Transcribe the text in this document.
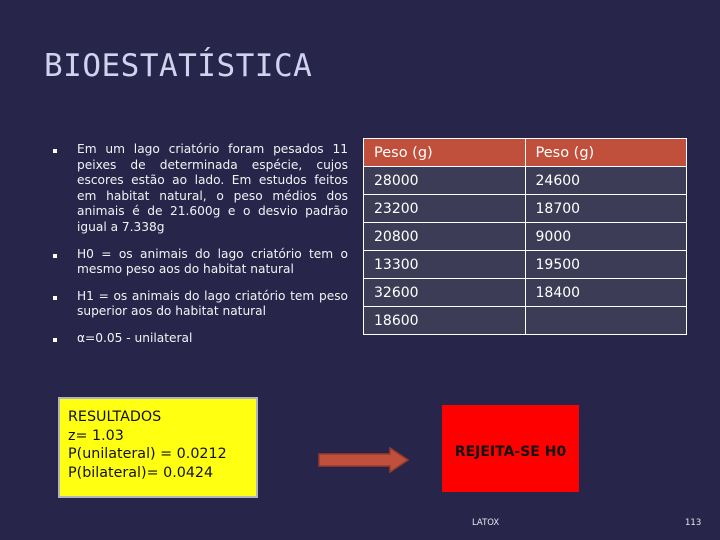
BIOESTATÍSTICA
Em um lago criatório foram pesados 11 peixes de determinada espécie, cujos escores estão ao lado. Em estudos feitos em habitat natural, o peso médios dos animais é de 21.600g e o desvio padrão igual a 7.338g
H0 = os animais do lago criatório tem o mesmo peso aos do habitat natural
H1 = os animais do lago criatório tem peso superior aos do habitat natural
α=0.05 - unilateral
Peso (g)	Peso (g)
28000	24600
23200	18700
20800	9000
13300	19500
32600	18400
18600	
RESULTADOS
z= 1.03
P(unilateral) = 0.0212
P(bilateral)= 0.0424
REJEITA-SE H0
LATOX	113
